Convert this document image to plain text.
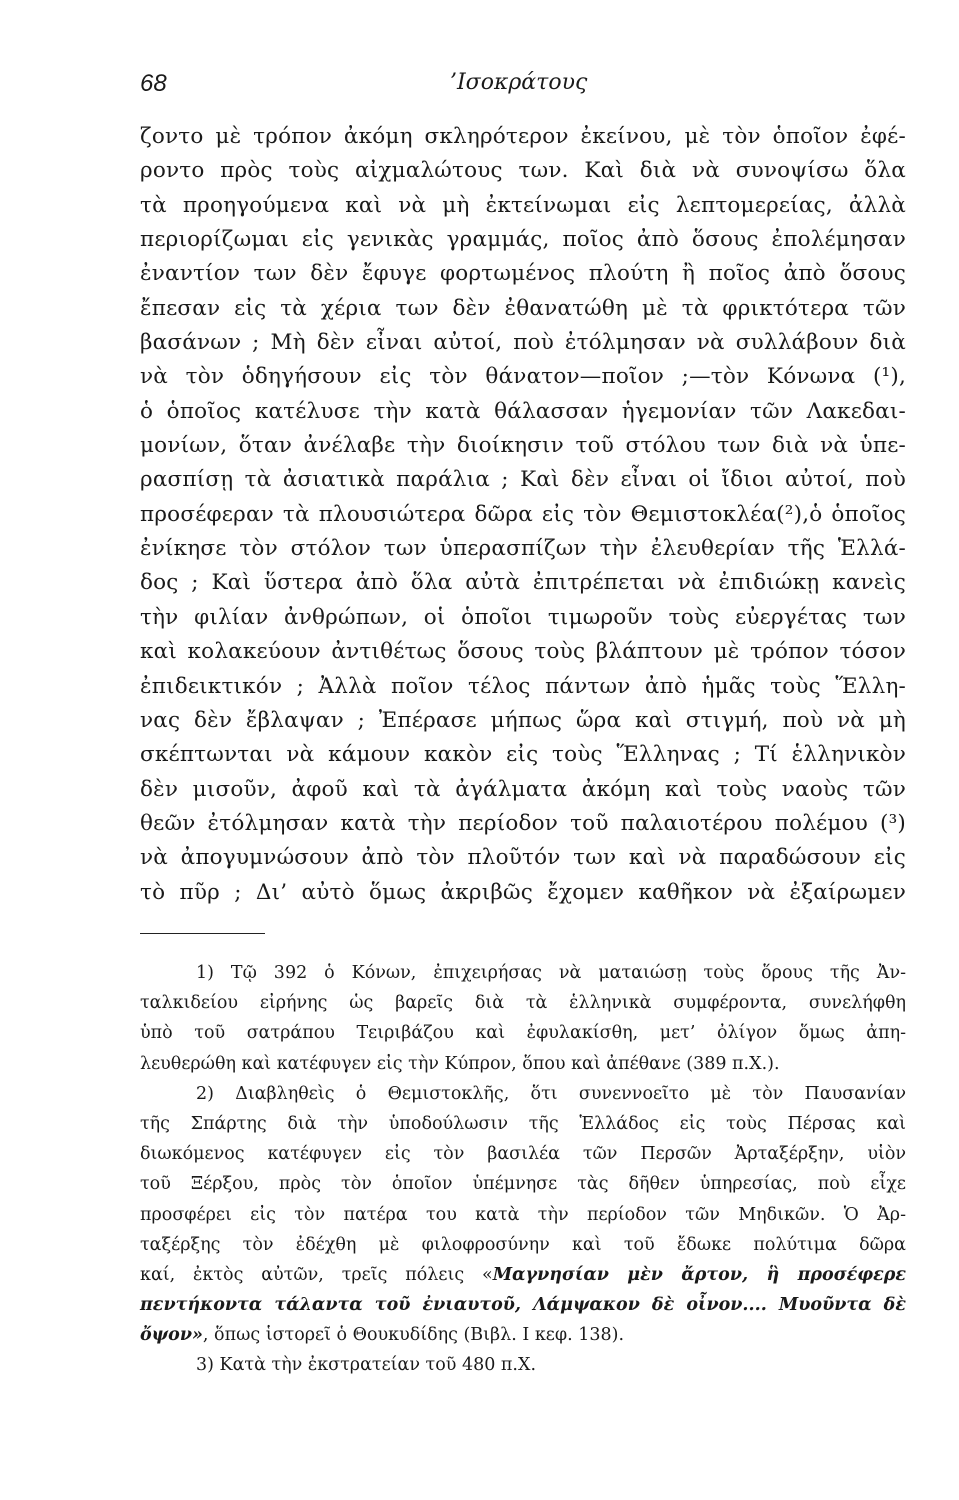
68	’Ισοκράτους
ζοντο μὲ τρόπον ἀκόμη σκληρότερον ἐκείνου, μὲ τὸν ὁποῖον ἐφέ-
ροντο πρὸς τοὺς αἰχμαλώτους των. Καὶ διὰ νὰ συνοψίσω ὅλα
τὰ προηγούμενα καὶ νὰ μὴ ἐκτείνωμαι εἰς λεπτομερείας, ἀλλὰ
περιορίζωμαι εἰς γενικὰς γραμμάς, ποῖος ἀπὸ ὅσους ἐπολέμησαν
ἐναντίον των δὲν ἔφυγε φορτωμένος πλούτη ἢ ποῖος ἀπὸ ὅσους
ἔπεσαν εἰς τὰ χέρια των δὲν ἐθανατώθη μὲ τὰ φρικτότερα τῶν
βασάνων ; Μὴ δὲν εἶναι αὐτοί, ποὺ ἐτόλμησαν νὰ συλλάβουν διὰ
νὰ τὸν ὁδηγήσουν εἰς τὸν θάνατον—ποῖον ;—τὸν Κόνωνα (¹),
ὁ ὁποῖος κατέλυσε τὴν κατὰ θάλασσαν ἡγεμονίαν τῶν Λακεδαι-
μονίων, ὅταν ἀνέλαβε τὴν διοίκησιν τοῦ στόλου των διὰ νὰ ὑπε-
ρασπίσῃ τὰ ἀσιατικὰ παράλια ; Καὶ δὲν εἶναι οἱ ἴδιοι αὐτοί, ποὺ
προσέφεραν τὰ πλουσιώτερα δῶρα εἰς τὸν Θεμιστοκλέα(²),ὁ ὁποῖος
ἐνίκησε τὸν στόλον των ὑπερασπίζων τὴν ἐλευθερίαν τῆς Ἑλλά-
δος ; Καὶ ὕστερα ἀπὸ ὅλα αὐτὰ ἐπιτρέπεται νὰ ἐπιδιώκῃ κανεὶς
τὴν φιλίαν ἀνθρώπων, οἱ ὁποῖοι τιμωροῦν τοὺς εὐεργέτας των
καὶ κολακεύουν ἀντιθέτως ὅσους τοὺς βλάπτουν μὲ τρόπον τόσον
ἐπιδεικτικόν ; Ἀλλὰ ποῖον τέλος πάντων ἀπὸ ἡμᾶς τοὺς Ἕλλη-
νας δὲν ἔβλαψαν ; Ἐπέρασε μήπως ὥρα καὶ στιγμή, ποὺ νὰ μὴ
σκέπτωνται νὰ κάμουν κακὸν εἰς τοὺς Ἕλληνας ; Τί ἑλληνικὸν
δὲν μισοῦν, ἀφοῦ καὶ τὰ ἀγάλματα ἀκόμη καὶ τοὺς ναοὺς τῶν
θεῶν ἐτόλμησαν κατὰ τὴν περίοδον τοῦ παλαιοτέρου πολέμου (³)
νὰ ἀπογυμνώσουν ἀπὸ τὸν πλοῦτόν των καὶ νὰ παραδώσουν εἰς
τὸ πῦρ ; Δι’ αὐτὸ ὅμως ἀκριβῶς ἔχομεν καθῆκον νὰ ἐξαίρωμεν
1) Τῷ 392 ὁ Κόνων, ἐπιχειρήσας νὰ ματαιώσῃ τοὺς ὅρους τῆς Ἀν-
ταλκιδείου εἰρήνης ὡς βαρεῖς διὰ τὰ ἑλληνικὰ συμφέροντα, συνελήφθη
ὑπὸ τοῦ σατράπου Τειριβάζου καὶ ἐφυλακίσθη, μετ’ ὀλίγον ὅμως ἀπη-
λευθερώθη καὶ κατέφυγεν εἰς τὴν Κύπρον, ὅπου καὶ ἀπέθανε (389 π.Χ.).
2) Διαβληθεὶς ὁ Θεμιστοκλῆς, ὅτι συνεννοεῖτο μὲ τὸν Παυσανίαν
τῆς Σπάρτης διὰ τὴν ὑποδούλωσιν τῆς Ἑλλάδος εἰς τοὺς Πέρσας καὶ
διωκόμενος κατέφυγεν εἰς τὸν βασιλέα τῶν Περσῶν Ἀρταξέρξην, υἱὸν
τοῦ Ξέρξου, πρὸς τὸν ὁποῖον ὑπέμνησε τὰς δῆθεν ὑπηρεσίας, ποὺ εἶχε
προσφέρει εἰς τὸν πατέρα του κατὰ τὴν περίοδον τῶν Μηδικῶν. Ὁ Ἀρ-
ταξέρξης τὸν ἐδέχθη μὲ φιλοφροσύνην καὶ τοῦ ἔδωκε πολύτιμα δῶρα
καί, ἐκτὸς αὐτῶν, τρεῖς πόλεις «Μαγνησίαν μὲν ἄρτον, ἣ προσέφερε
πεντήκοντα τάλαντα τοῦ ἐνιαυτοῦ, Λάμψακον δὲ οἶνον.... Μυοῦντα δὲ
ὄψον», ὅπως ἱστορεῖ ὁ Θουκυδίδης (Βιβλ. Ι κεφ. 138).
3) Κατὰ τὴν ἐκστρατείαν τοῦ 480 π.Χ.
